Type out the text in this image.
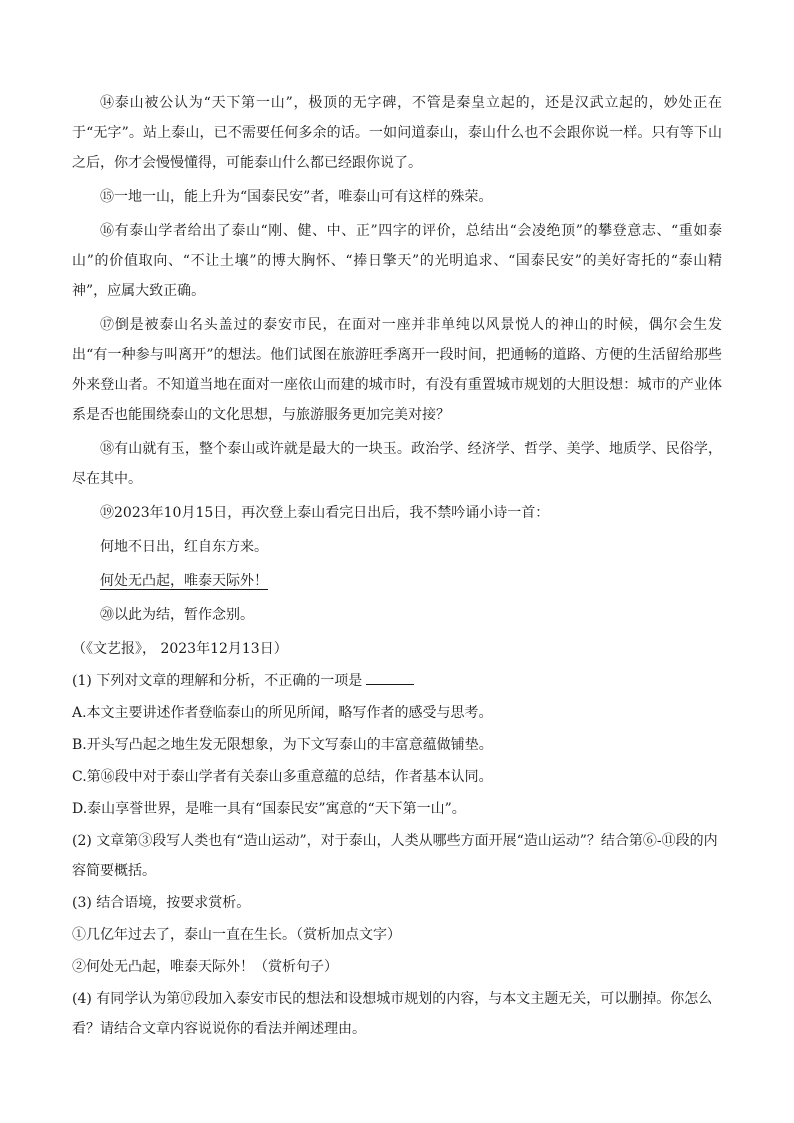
⑭泰山被公认为“天下第一山”，极顶的无字碑，不管是秦皇立起的，还是汉武立起的，妙处正在于“无字”。站上泰山，已不需要任何多余的话。一如问道泰山，泰山什么也不会跟你说一样。只有等下山之后，你才会慢慢懂得，可能泰山什么都已经跟你说了。

⑮一地一山，能上升为“国泰民安”者，唯泰山可有这样的殊荣。

⑯有泰山学者给出了泰山“刚、健、中、正”四字的评价，总结出“会凌绝顶”的攀登意志、“重如泰山”的价值取向、“不让土壤”的博大胸怀、“捧日擎天”的光明追求、“国泰民安”的美好寄托的“泰山精神”，应属大致正确。

⑰倒是被泰山名头盖过的泰安市民，在面对一座并非单纯以风景悦人的神山的时候，偶尔会生发出“有一种参与叫离开”的想法。他们试图在旅游旺季离开一段时间，把通畅的道路、方便的生活留给那些外来登山者。不知道当地在面对一座依山而建的城市时，有没有重置城市规划的大胆设想：城市的产业体系是否也能围绕泰山的文化思想，与旅游服务更加完美对接？

⑱有山就有玉，整个泰山或许就是最大的一块玉。政治学、经济学、哲学、美学、地质学、民俗学，尽在其中。

⑲2023年10月15日，再次登上泰山看完日出后，我不禁吟诵小诗一首：

何地不日出，红自东方来。

何处无凸起，唯泰天际外！

⑳以此为结，暂作念别。

（《文艺报》， 2023年12月13日）

(1) 下列对文章的理解和分析，不正确的一项是

A.本文主要讲述作者登临泰山的所见所闻，略写作者的感受与思考。

B.开头写凸起之地生发无限想象，为下文写泰山的丰富意蕴做铺垫。

C.第⑯段中对于泰山学者有关泰山多重意蕴的总结，作者基本认同。

D.泰山享誉世界，是唯一具有“国泰民安”寓意的“天下第一山”。

(2) 文章第③段写人类也有“造山运动”，对于泰山，人类从哪些方面开展“造山运动”？结合第⑥-⑪段的内容简要概括。

(3) 结合语境，按要求赏析。

①几亿年过去了，泰山一直在生长。（赏析加点文字）

②何处无凸起，唯泰天际外！（赏析句子）

(4) 有同学认为第⑰段加入泰安市民的想法和设想城市规划的内容，与本文主题无关，可以删掉。你怎么看？请结合文章内容说说你的看法并阐述理由。
